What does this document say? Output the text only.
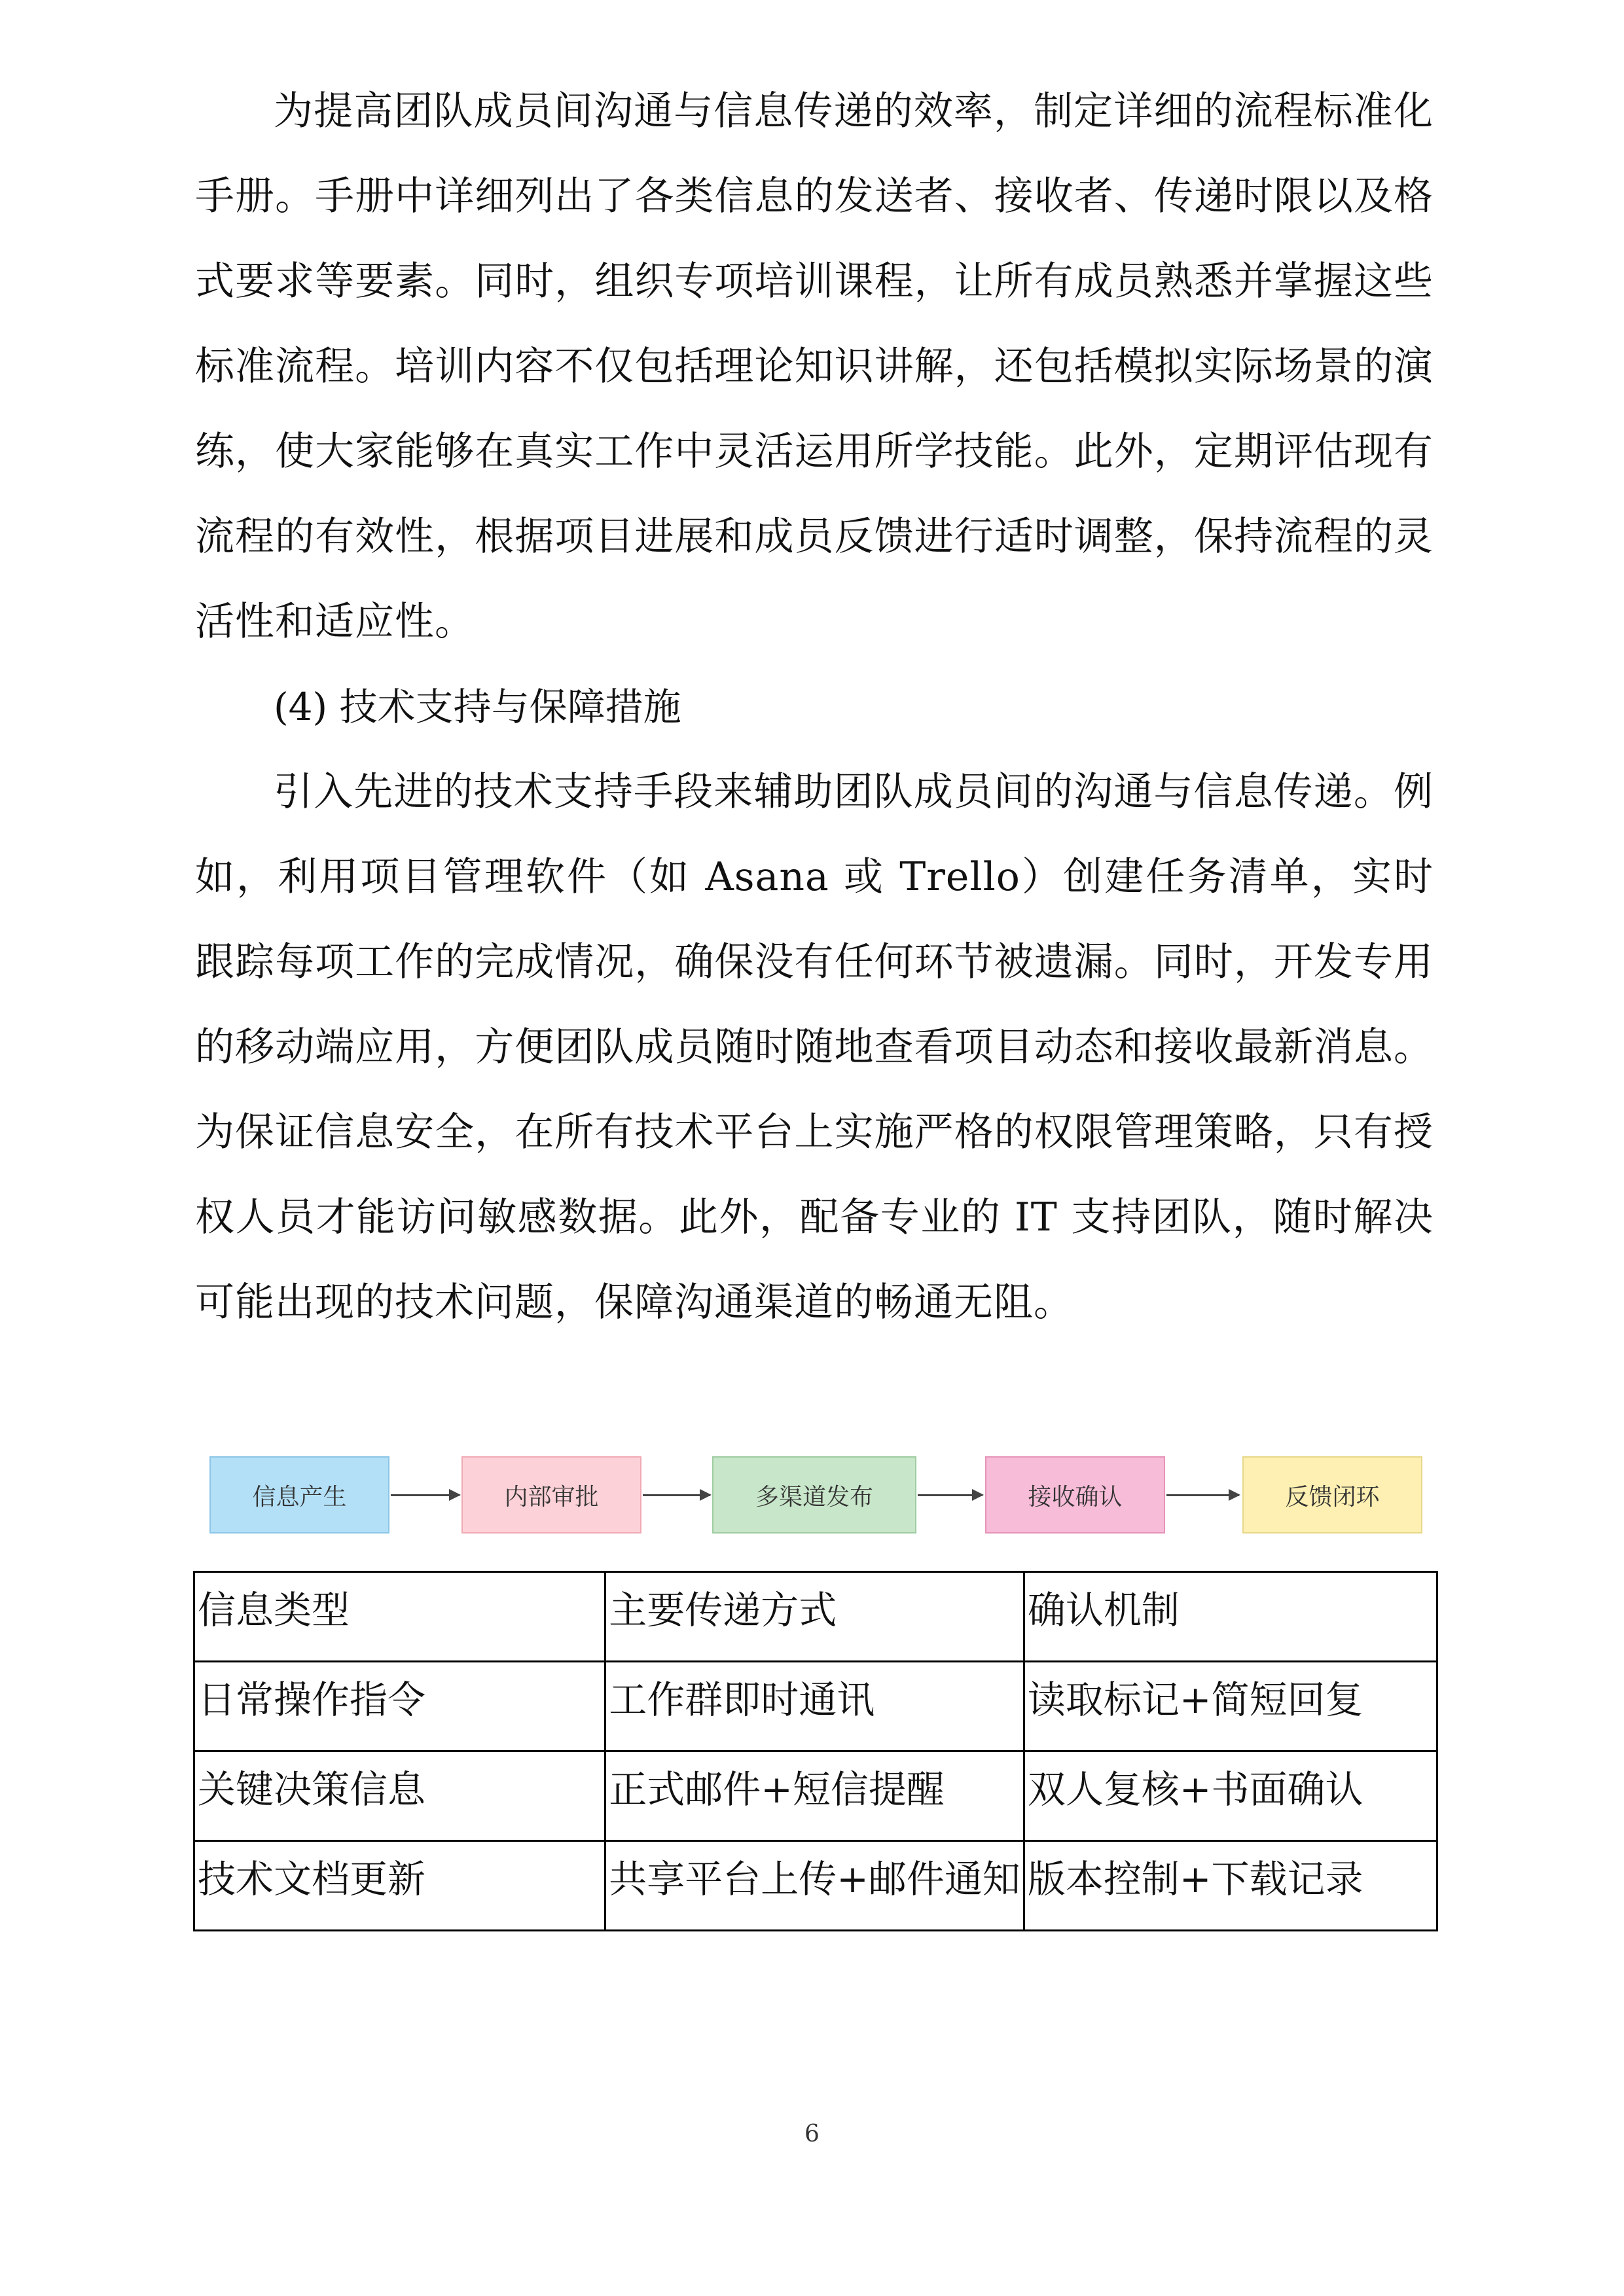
为提高团队成员间沟通与信息传递的效率，制定详细的流程标准化手册。手册中详细列出了各类信息的发送者、接收者、传递时限以及格式要求等要素。同时，组织专项培训课程，让所有成员熟悉并掌握这些标准流程。培训内容不仅包括理论知识讲解，还包括模拟实际场景的演练，使大家能够在真实工作中灵活运用所学技能。此外，定期评估现有流程的有效性，根据项目进展和成员反馈进行适时调整，保持流程的灵活性和适应性。

(4) 技术支持与保障措施

引入先进的技术支持手段来辅助团队成员间的沟通与信息传递。例如，利用项目管理软件（如 Asana 或 Trello）创建任务清单，实时跟踪每项工作的完成情况，确保没有任何环节被遗漏。同时，开发专用的移动端应用，方便团队成员随时随地查看项目动态和接收最新消息。为保证信息安全，在所有技术平台上实施严格的权限管理策略，只有授权人员才能访问敏感数据。此外，配备专业的 IT 支持团队，随时解决可能出现的技术问题，保障沟通渠道的畅通无阻。

信息产生	内部审批	多渠道发布	接收确认	反馈闭环
信息类型	主要传递方式	确认机制
日常操作指令	工作群即时通讯	读取标记+简短回复
关键决策信息	正式邮件+短信提醒	双人复核+书面确认
技术文档更新	共享平台上传+邮件通知	版本控制+下载记录
6
